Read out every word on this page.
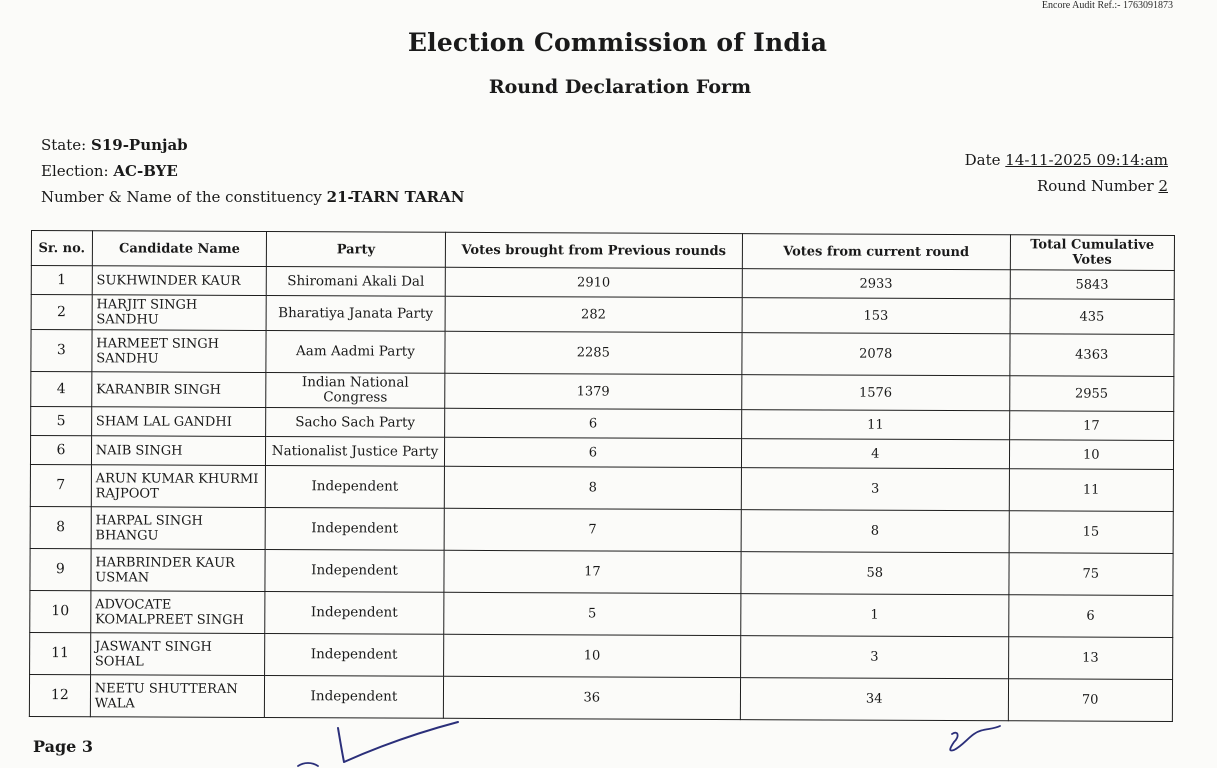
Encore Audit Ref.:- 1763091873
Election Commission of India
Round Declaration Form
State: S19-Punjab
Election: AC-BYE
Number & Name of the constituency 21-TARN TARAN
Date 14-11-2025 09:14:am
Round Number 2
Sr. no.	Candidate Name	Party	Votes brought from Previous rounds	Votes from current round	Total Cumulative Votes
1	SUKHWINDER KAUR	Shiromani Akali Dal	2910	2933	5843
2	HARJIT SINGH SANDHU	Bharatiya Janata Party	282	153	435
3	HARMEET SINGH SANDHU	Aam Aadmi Party	2285	2078	4363
4	KARANBIR SINGH	Indian National Congress	1379	1576	2955
5	SHAM LAL GANDHI	Sacho Sach Party	6	11	17
6	NAIB SINGH	Nationalist Justice Party	6	4	10
7	ARUN KUMAR KHURMI RAJPOOT	Independent	8	3	11
8	HARPAL SINGH BHANGU	Independent	7	8	15
9	HARBRINDER KAUR USMAN	Independent	17	58	75
10	ADVOCATE KOMALPREET SINGH	Independent	5	1	6
11	JASWANT SINGH SOHAL	Independent	10	3	13
12	NEETU SHUTTERAN WALA	Independent	36	34	70
Page 3
